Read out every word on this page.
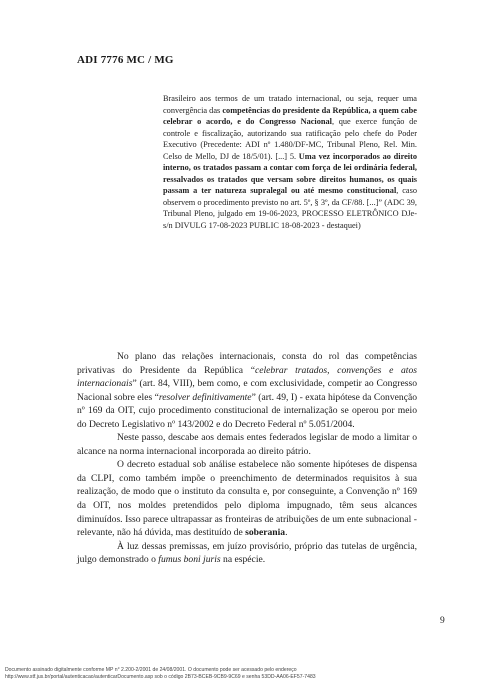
ADI 7776 MC / MG
Brasileiro aos termos de um tratado internacional, ou seja, requer uma convergência das competências do presidente da República, a quem cabe celebrar o acordo, e do Congresso Nacional, que exerce função de controle e fiscalização, autorizando sua ratificação pelo chefe do Poder Executivo (Precedente: ADI nº 1.480/DF-MC, Tribunal Pleno, Rel. Min. Celso de Mello, DJ de 18/5/01). [...] 5. Uma vez incorporados ao direito interno, os tratados passam a contar com força de lei ordinária federal, ressalvados os tratados que versam sobre direitos humanos, os quais passam a ter natureza supralegal ou até mesmo constitucional, caso observem o procedimento previsto no art. 5º, § 3º, da CF/88. [...]” (ADC 39, Tribunal Pleno, julgado em 19-06-2023, PROCESSO ELETRÔNICO DJe-s/n DIVULG 17-08-2023 PUBLIC 18-08-2023 - destaquei)

No plano das relações internacionais, consta do rol das competências privativas do Presidente da República “celebrar tratados, convenções e atos internacionais” (art. 84, VIII), bem como, e com exclusividade, competir ao Congresso Nacional sobre eles “resolver definitivamente” (art. 49, I) - exata hipótese da Convenção nº 169 da OIT, cujo procedimento constitucional de internalização se operou por meio do Decreto Legislativo nº 143/2002 e do Decreto Federal nº 5.051/2004.

Neste passo, descabe aos demais entes federados legislar de modo a limitar o alcance na norma internacional incorporada ao direito pátrio.

O decreto estadual sob análise estabelece não somente hipóteses de dispensa da CLPI, como também impõe o preenchimento de determinados requisitos à sua realização, de modo que o instituto da consulta e, por conseguinte, a Convenção nº 169 da OIT, nos moldes pretendidos pelo diploma impugnado, têm seus alcances diminuídos. Isso parece ultrapassar as fronteiras de atribuições de um ente subnacional - relevante, não há dúvida, mas destituído de soberania.

À luz dessas premissas, em juízo provisório, próprio das tutelas de urgência, julgo demonstrado o fumus boni juris na espécie.

9
Documento assinado digitalmente conforme MP n° 2.200-2/2001 de 24/08/2001. O documento pode ser acessado pelo endereço
http://www.stf.jus.br/portal/autenticacao/autenticarDocumento.asp sob o código 2B73-BCEB-9CB9-9C69 e senha 53DD-AA06-EF57-7483
